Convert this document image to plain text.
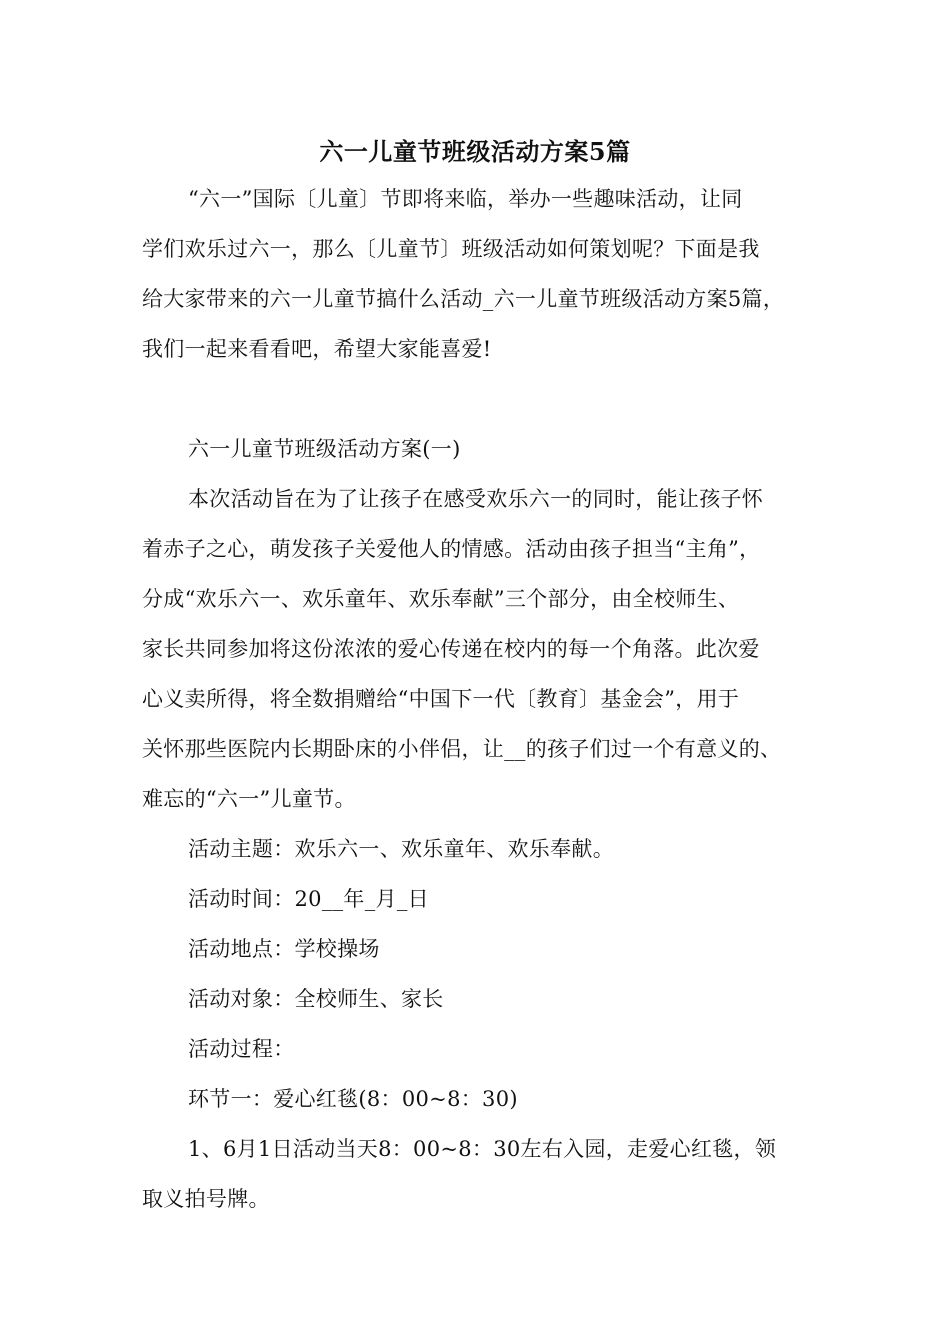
六一儿童节班级活动方案5篇
“六一”国际〔儿童〕节即将来临，举办一些趣味活动，让同
学们欢乐过六一，那么〔儿童节〕班级活动如何策划呢？下面是我
给大家带来的六一儿童节搞什么活动_六一儿童节班级活动方案5篇，
我们一起来看看吧，希望大家能喜爱!
六一儿童节班级活动方案(一)
本次活动旨在为了让孩子在感受欢乐六一的同时，能让孩子怀
着赤子之心，萌发孩子关爱他人的情感。活动由孩子担当“主角”，
分成“欢乐六一、欢乐童年、欢乐奉献”三个部分，由全校师生、
家长共同参加将这份浓浓的爱心传递在校内的每一个角落。此次爱
心义卖所得，将全数捐赠给“中国下一代〔教育〕基金会”，用于
关怀那些医院内长期卧床的小伴侣，让__的孩子们过一个有意义的、
难忘的“六一”儿童节。
活动主题：欢乐六一、欢乐童年、欢乐奉献。
活动时间：20__年_月_日
活动地点：学校操场
活动对象：全校师生、家长
活动过程：
环节一：爱心红毯(8：00~8：30)
1、6月1日活动当天8：00~8：30左右入园，走爱心红毯，领
取义拍号牌。
